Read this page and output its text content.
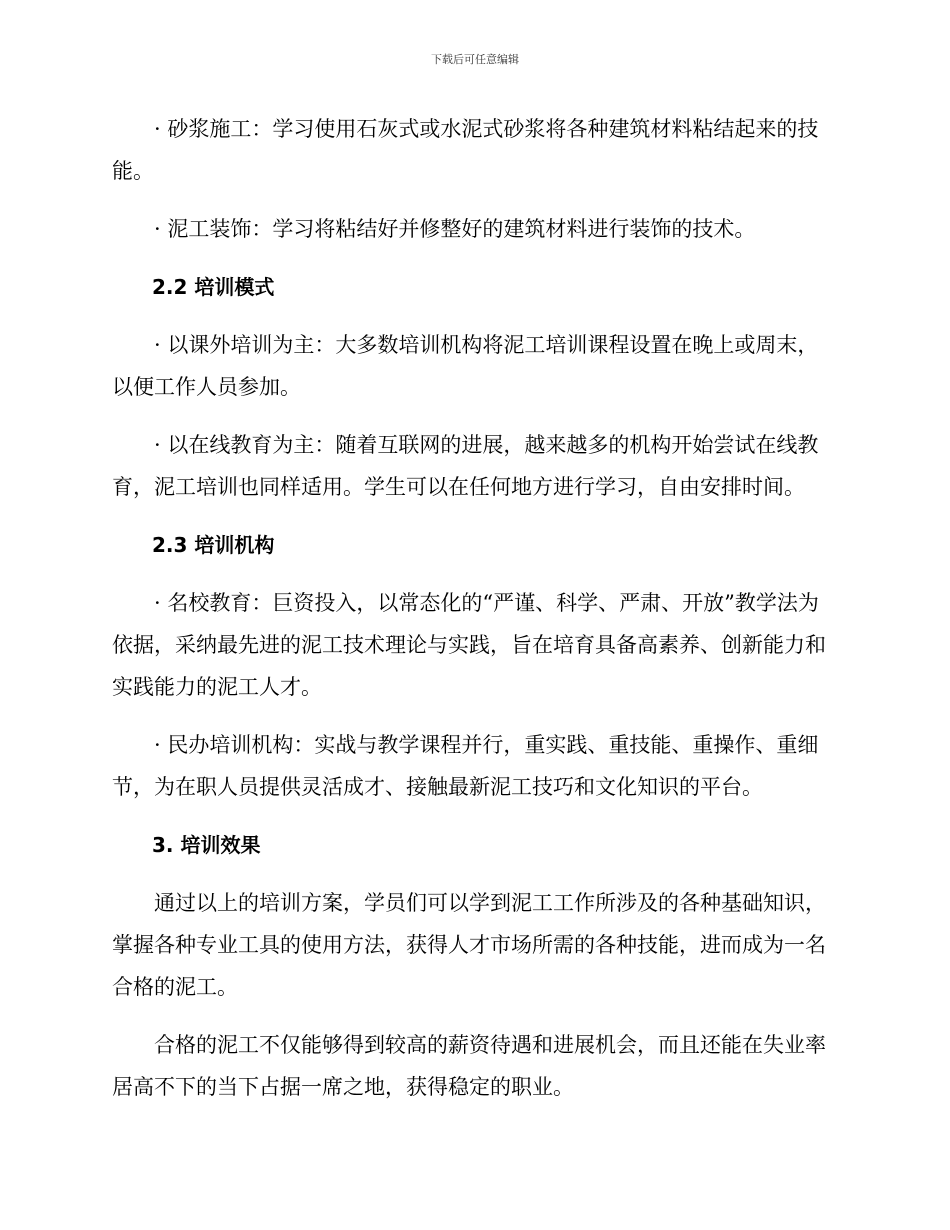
下载后可任意编辑

· 砂浆施工：学习使用石灰式或水泥式砂浆将各种建筑材料粘结起来的技能。

· 泥工装饰：学习将粘结好并修整好的建筑材料进行装饰的技术。

2.2 培训模式

· 以课外培训为主：大多数培训机构将泥工培训课程设置在晚上或周末，以便工作人员参加。

· 以在线教育为主：随着互联网的进展，越来越多的机构开始尝试在线教育，泥工培训也同样适用。学生可以在任何地方进行学习，自由安排时间。

2.3 培训机构

· 名校教育：巨资投入，以常态化的“严谨、科学、严肃、开放”教学法为依据，采纳最先进的泥工技术理论与实践，旨在培育具备高素养、创新能力和实践能力的泥工人才。

· 民办培训机构：实战与教学课程并行，重实践、重技能、重操作、重细节，为在职人员提供灵活成才、接触最新泥工技巧和文化知识的平台。

3. 培训效果

通过以上的培训方案，学员们可以学到泥工工作所涉及的各种基础知识，掌握各种专业工具的使用方法，获得人才市场所需的各种技能，进而成为一名合格的泥工。

合格的泥工不仅能够得到较高的薪资待遇和进展机会，而且还能在失业率居高不下的当下占据一席之地，获得稳定的职业。
